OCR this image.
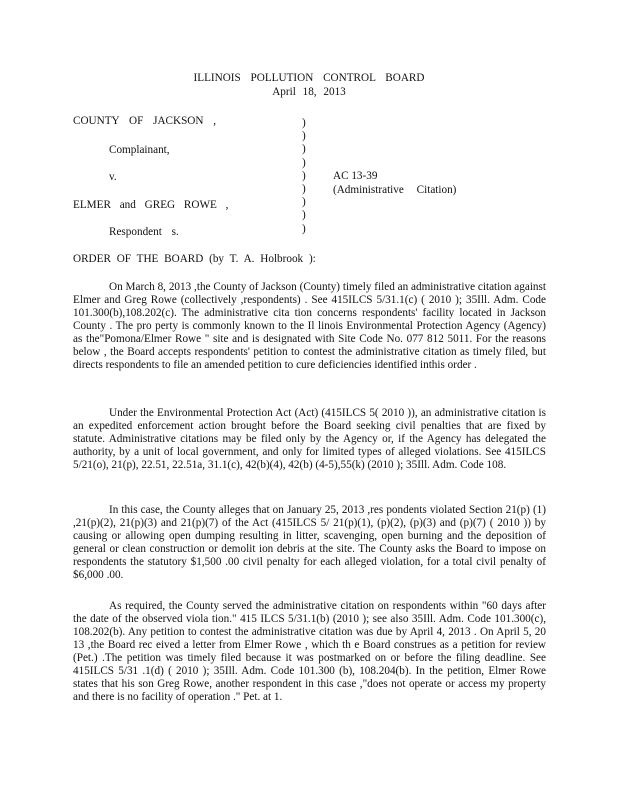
ILLINOIS POLLUTION CONTROL BOARD
April 18, 2013
COUNTY OF JACKSON ,
Complainant,
v.
ELMER and GREG ROWE ,
Respondent s.
)
)
)
)
)
)
)
)
)
AC 13-39
(Administrative Citation)
ORDER OF THE BOARD (by T. A. Holbrook ):
On March 8, 2013 ,the County of Jackson (County) timely filed an administrative citation against Elmer and Greg Rowe (collectively ,respondents) . See 415ILCS 5/31.1(c) ( 2010 ); 35Ill. Adm. Code 101.300(b),108.202(c). The administrative cita tion concerns respondents' facility located in Jackson County . The pro perty is commonly known to the Il linois Environmental Protection Agency (Agency) as the"Pomona/Elmer Rowe " site and is designated with Site Code No. 077 812 5011. For the reasons below , the Board accepts respondents' petition to contest the administrative citation as timely filed, but directs respondents to file an amended petition to cure deficiencies identified inthis order .
Under the Environmental Protection Act (Act) (415ILCS 5( 2010 )), an administrative citation is an expedited enforcement action brought before the Board seeking civil penalties that are fixed by statute. Administrative citations may be filed only by the Agency or, if the Agency has delegated the authority, by a unit of local government, and only for limited types of alleged violations. See 415ILCS 5/21(o), 21(p), 22.51, 22.51a, 31.1(c), 42(b)(4), 42(b) (4-5),55(k) (2010 ); 35Ill. Adm. Code 108.
In this case, the County alleges that on January 25, 2013 ,res pondents violated Section 21(p) (1) ,21(p)(2), 21(p)(3) and 21(p)(7) of the Act (415ILCS 5/ 21(p)(1), (p)(2), (p)(3) and (p)(7) ( 2010 )) by causing or allowing open dumping resulting in litter, scavenging, open burning and the deposition of general or clean construction or demolit ion debris at the site. The County asks the Board to impose on respondents the statutory $1,500 .00 civil penalty for each alleged violation, for a total civil penalty of $6,000 .00.
As required, the County served the administrative citation on respondents within "60 days after the date of the observed viola tion." 415 ILCS 5/31.1(b) (2010 ); see also 35Ill. Adm. Code 101.300(c), 108.202(b). Any petition to contest the administrative citation was due by April 4, 2013 . On April 5, 20 13 ,the Board rec eived a letter from Elmer Rowe , which th e Board construes as a petition for review (Pet.) .The petition was timely filed because it was postmarked on or before the filing deadline. See 415ILCS 5/31 .1(d) ( 2010 ); 35Ill. Adm. Code 101.300 (b), 108.204(b). In the petition, Elmer Rowe states that his son Greg Rowe, another respondent in this case ,"does not operate or access my property and there is no facility of operation ." Pet. at 1.
